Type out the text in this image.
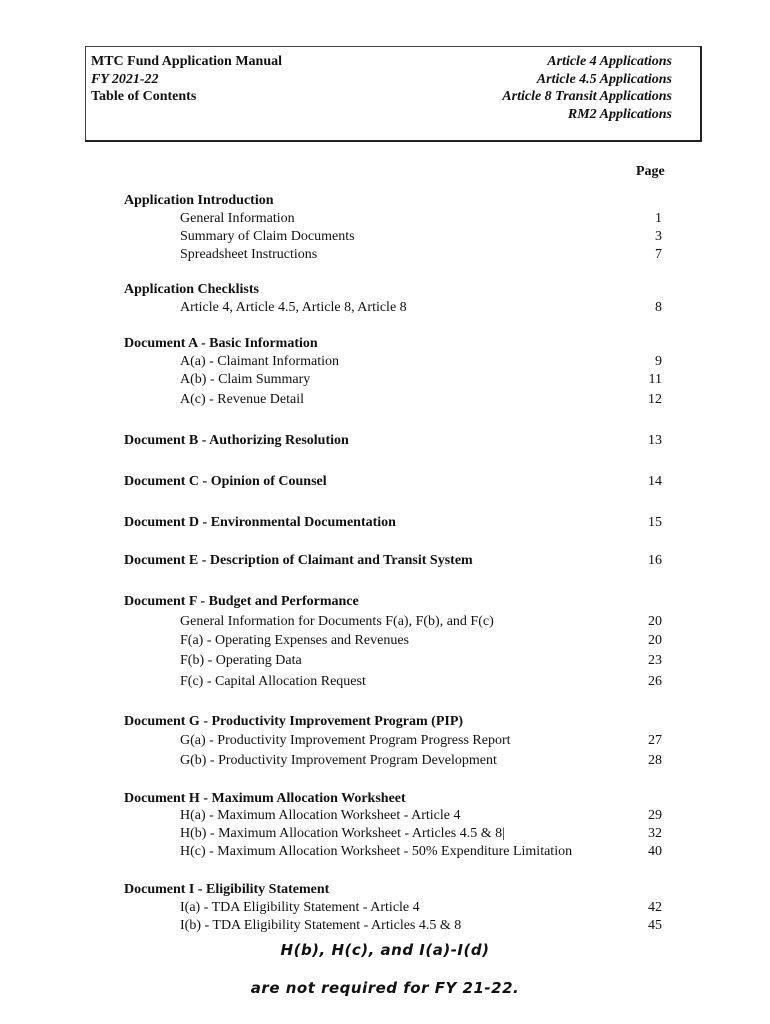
MTC Fund Application Manual
FY 2021-22
Table of Contents
Article 4 Applications
Article 4.5 Applications
Article 8 Transit Applications
RM2 Applications
Page
Application Introduction
General Information	1
Summary of Claim Documents	3
Spreadsheet Instructions	7
Application Checklists
Article 4, Article 4.5, Article 8, Article 8	8
Document A - Basic Information
A(a) - Claimant Information	9
A(b) - Claim Summary	11
A(c) - Revenue Detail	12
Document B - Authorizing Resolution	13
Document C - Opinion of Counsel	14
Document D - Environmental Documentation	15
Document E - Description of Claimant and Transit System	16
Document F - Budget and Performance
General Information for Documents F(a), F(b), and F(c)	20
F(a) - Operating Expenses and Revenues	20
F(b) - Operating Data	23
F(c) - Capital Allocation Request	26
Document G - Productivity Improvement Program (PIP)
G(a) - Productivity Improvement Program Progress Report	27
G(b) - Productivity Improvement Program Development	28
Document H - Maximum Allocation Worksheet
H(a) - Maximum Allocation Worksheet - Article 4	29
H(b) - Maximum Allocation Worksheet - Articles 4.5 & 8|	32
H(c) - Maximum Allocation Worksheet - 50% Expenditure Limitation	40
Document I - Eligibility Statement
I(a) - TDA Eligibility Statement - Article 4	42
I(b) - TDA Eligibility Statement - Articles 4.5 & 8	45
H(b), H(c), and I(a)-I(d)
are not required for FY 21-22.
